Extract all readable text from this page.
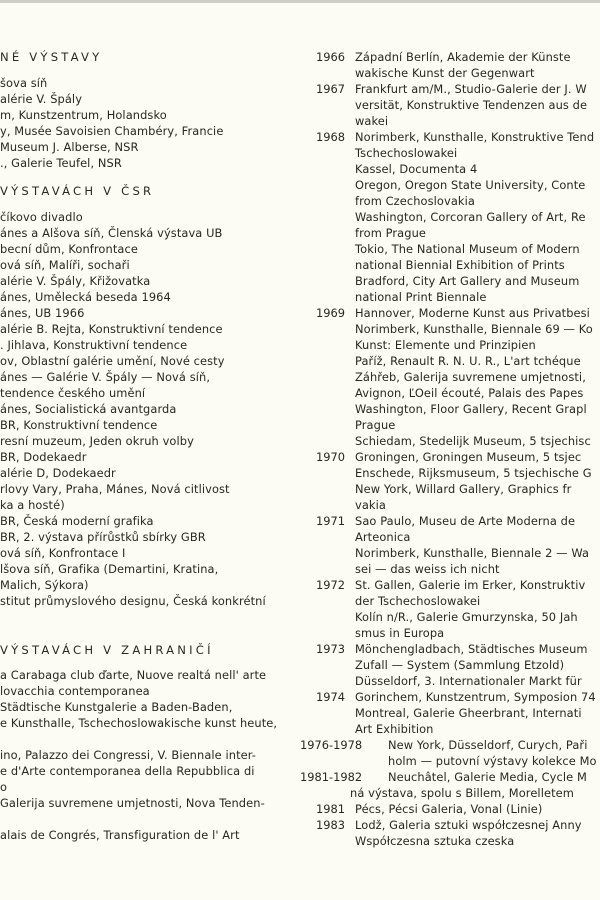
NÉ VÝSTAVY
šova síň
alérie V. Špály
m, Kunstzentrum, Holandsko
y, Musée Savoisien Chambéry, Francie
Museum J. Alberse, NSR
., Galerie Teufel, NSR
VÝSTAVÁCH V ČSR
číkovo divadlo
ánes a Alšova síň, Členská výstava UB
becní dům, Konfrontace
ová síň, Malíři, sochaři
alérie V. Špály, Křižovatka
ánes, Umělecká beseda 1964
ánes, UB 1966
alérie B. Rejta, Konstruktivní tendence
. Jihlava, Konstruktivní tendence
ov, Oblastní galérie umění, Nové cesty
ánes — Galérie V. Špály — Nová síň,
tendence českého umění
ánes, Socialistická avantgarda
BR, Konstruktivní tendence
resní muzeum, Jeden okruh volby
BR, Dodekaedr
alérie D, Dodekaedr
rlovy Vary, Praha, Mánes, Nová citlivost
ka a hosté)
BR, Česká moderní grafika
BR, 2. výstava přírůstků sbírky GBR
ová síň, Konfrontace I
lšova síň, Grafika (Demartini, Kratina,
Malich, Sýkora)
stitut průmyslového designu, Česká konkrétní
VÝSTAVÁCH V ZAHRANIČÍ
a Carabaga club ďarte, Nuove realtá nell' arte
lovacchia contemporanea
Städtische Kunstgalerie a Baden-Baden,
e Kunsthalle, Tschechoslowakische kunst heute,
ino, Palazzo dei Congressi, V. Biennale inter-
e d'Arte contemporanea della Repubblica di
o
Galerija suvremene umjetnosti, Nova Tenden-
alais de Congrés, Transfiguration de l' Art
1966 Západní Berlín, Akademie der Künste
wakische Kunst der Gegenwart
1967 Frankfurt am/M., Studio-Galerie der J. W
versität, Konstruktive Tendenzen aus de
wakei
1968 Norimberk, Kunsthalle, Konstruktive Tend
Tschechoslowakei
Kassel, Documenta 4
Oregon, Oregon State University, Conte
from Czechoslovakia
Washington, Corcoran Gallery of Art, Re
from Prague
Tokio, The National Museum of Modern
national Biennial Exhibition of Prints
Bradford, City Art Gallery and Museum
national Print Biennale
1969 Hannover, Moderne Kunst aus Privatbesi
Norimberk, Kunsthalle, Biennale 69 — Ko
Kunst: Elemente und Prinzipien
Paříž, Renault R. N. U. R., L'art tchéque
Záhřeb, Galerija suvremene umjetnosti,
Avignon, ĽOeil écouté, Palais des Papes
Washington, Floor Gallery, Recent Grapl
Prague
Schiedam, Stedelijk Museum, 5 tsjechisc
1970 Groningen, Groningen Museum, 5 tsjec
Enschede, Rijksmuseum, 5 tsjechische G
New York, Willard Gallery, Graphics fr
vakia
1971 Sao Paulo, Museu de Arte Moderna de
Arteonica
Norimberk, Kunsthalle, Biennale 2 — Wa
sei — das weiss ich nicht
1972 St. Gallen, Galerie im Erker, Konstruktiv
der Tschechoslowakei
Kolín n/R., Galerie Gmurzynska, 50 Jah
smus in Europa
1973 Mönchengladbach, Städtisches Museum
Zufall — System (Sammlung Etzold)
Düsseldorf, 3. Internationaler Markt für
1974 Gorinchem, Kunstzentrum, Symposion 74
Montreal, Galerie Gheerbrant, Internati
Art Exhibition
1976-1978 New York, Düsseldorf, Curych, Paři
holm — putovní výstavy kolekce Mo
1981-1982 Neuchâtel, Galerie Media, Cycle M
ná výstava, spolu s Billem, Morelletem
1981 Pécs, Pécsi Galeria, Vonal (Linie)
1983 Lodž, Galeria sztuki współczesnej Anny
Współczesna sztuka czeska
